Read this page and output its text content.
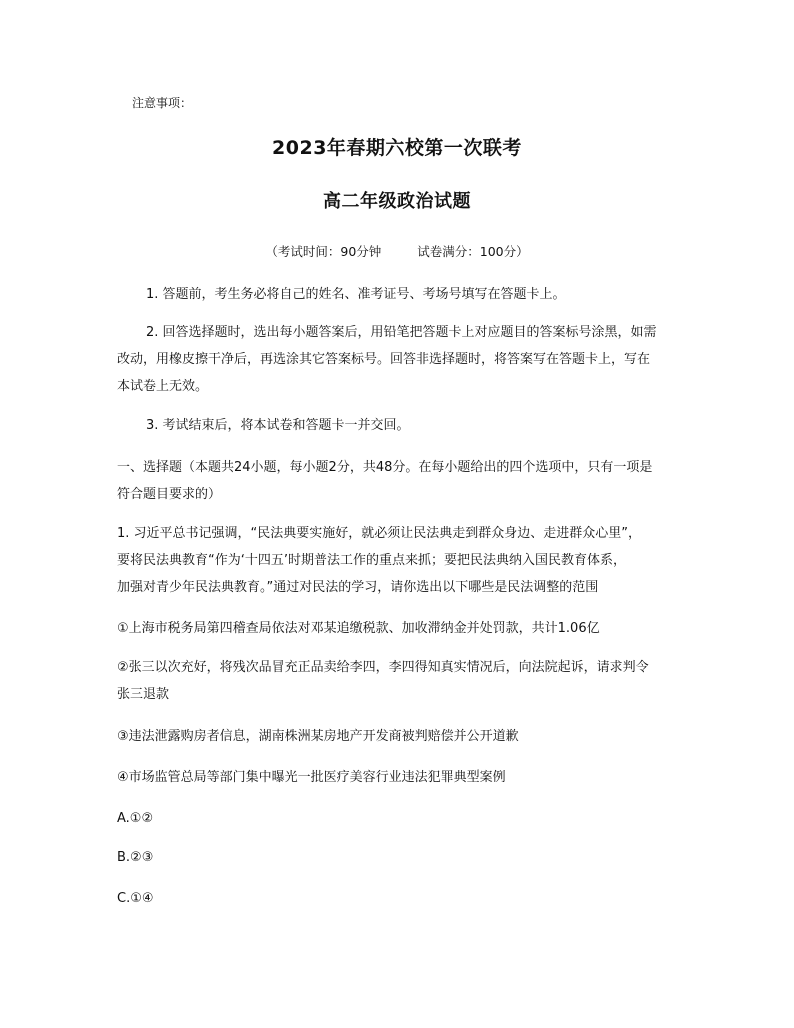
注意事项：
2023年春期六校第一次联考
高二年级政治试题
（考试时间：90分钟	试卷满分：100分）
1. 答题前，考生务必将自己的姓名、准考证号、考场号填写在答题卡上。
2. 回答选择题时，选出每小题答案后，用铅笔把答题卡上对应题目的答案标号涂黑，如需
改动，用橡皮擦干净后，再选涂其它答案标号。回答非选择题时，将答案写在答题卡上，写在
本试卷上无效。
3. 考试结束后，将本试卷和答题卡一并交回。
一、选择题（本题共24小题，每小题2分，共48分。在每小题给出的四个选项中，只有一项是
符合题目要求的）
1. 习近平总书记强调，“民法典要实施好，就必须让民法典走到群众身边、走进群众心里”，
要将民法典教育“作为‘十四五’时期普法工作的重点来抓；要把民法典纳入国民教育体系，
加强对青少年民法典教育。”通过对民法的学习，请你选出以下哪些是民法调整的范围
①上海市税务局第四稽查局依法对邓某追缴税款、加收滞纳金并处罚款，共计1.06亿
②张三以次充好，将残次品冒充正品卖给李四，李四得知真实情况后，向法院起诉，请求判令
张三退款
③违法泄露购房者信息，湖南株洲某房地产开发商被判赔偿并公开道歉
④市场监管总局等部门集中曝光一批医疗美容行业违法犯罪典型案例
A.①②
B.②③
C.①④
